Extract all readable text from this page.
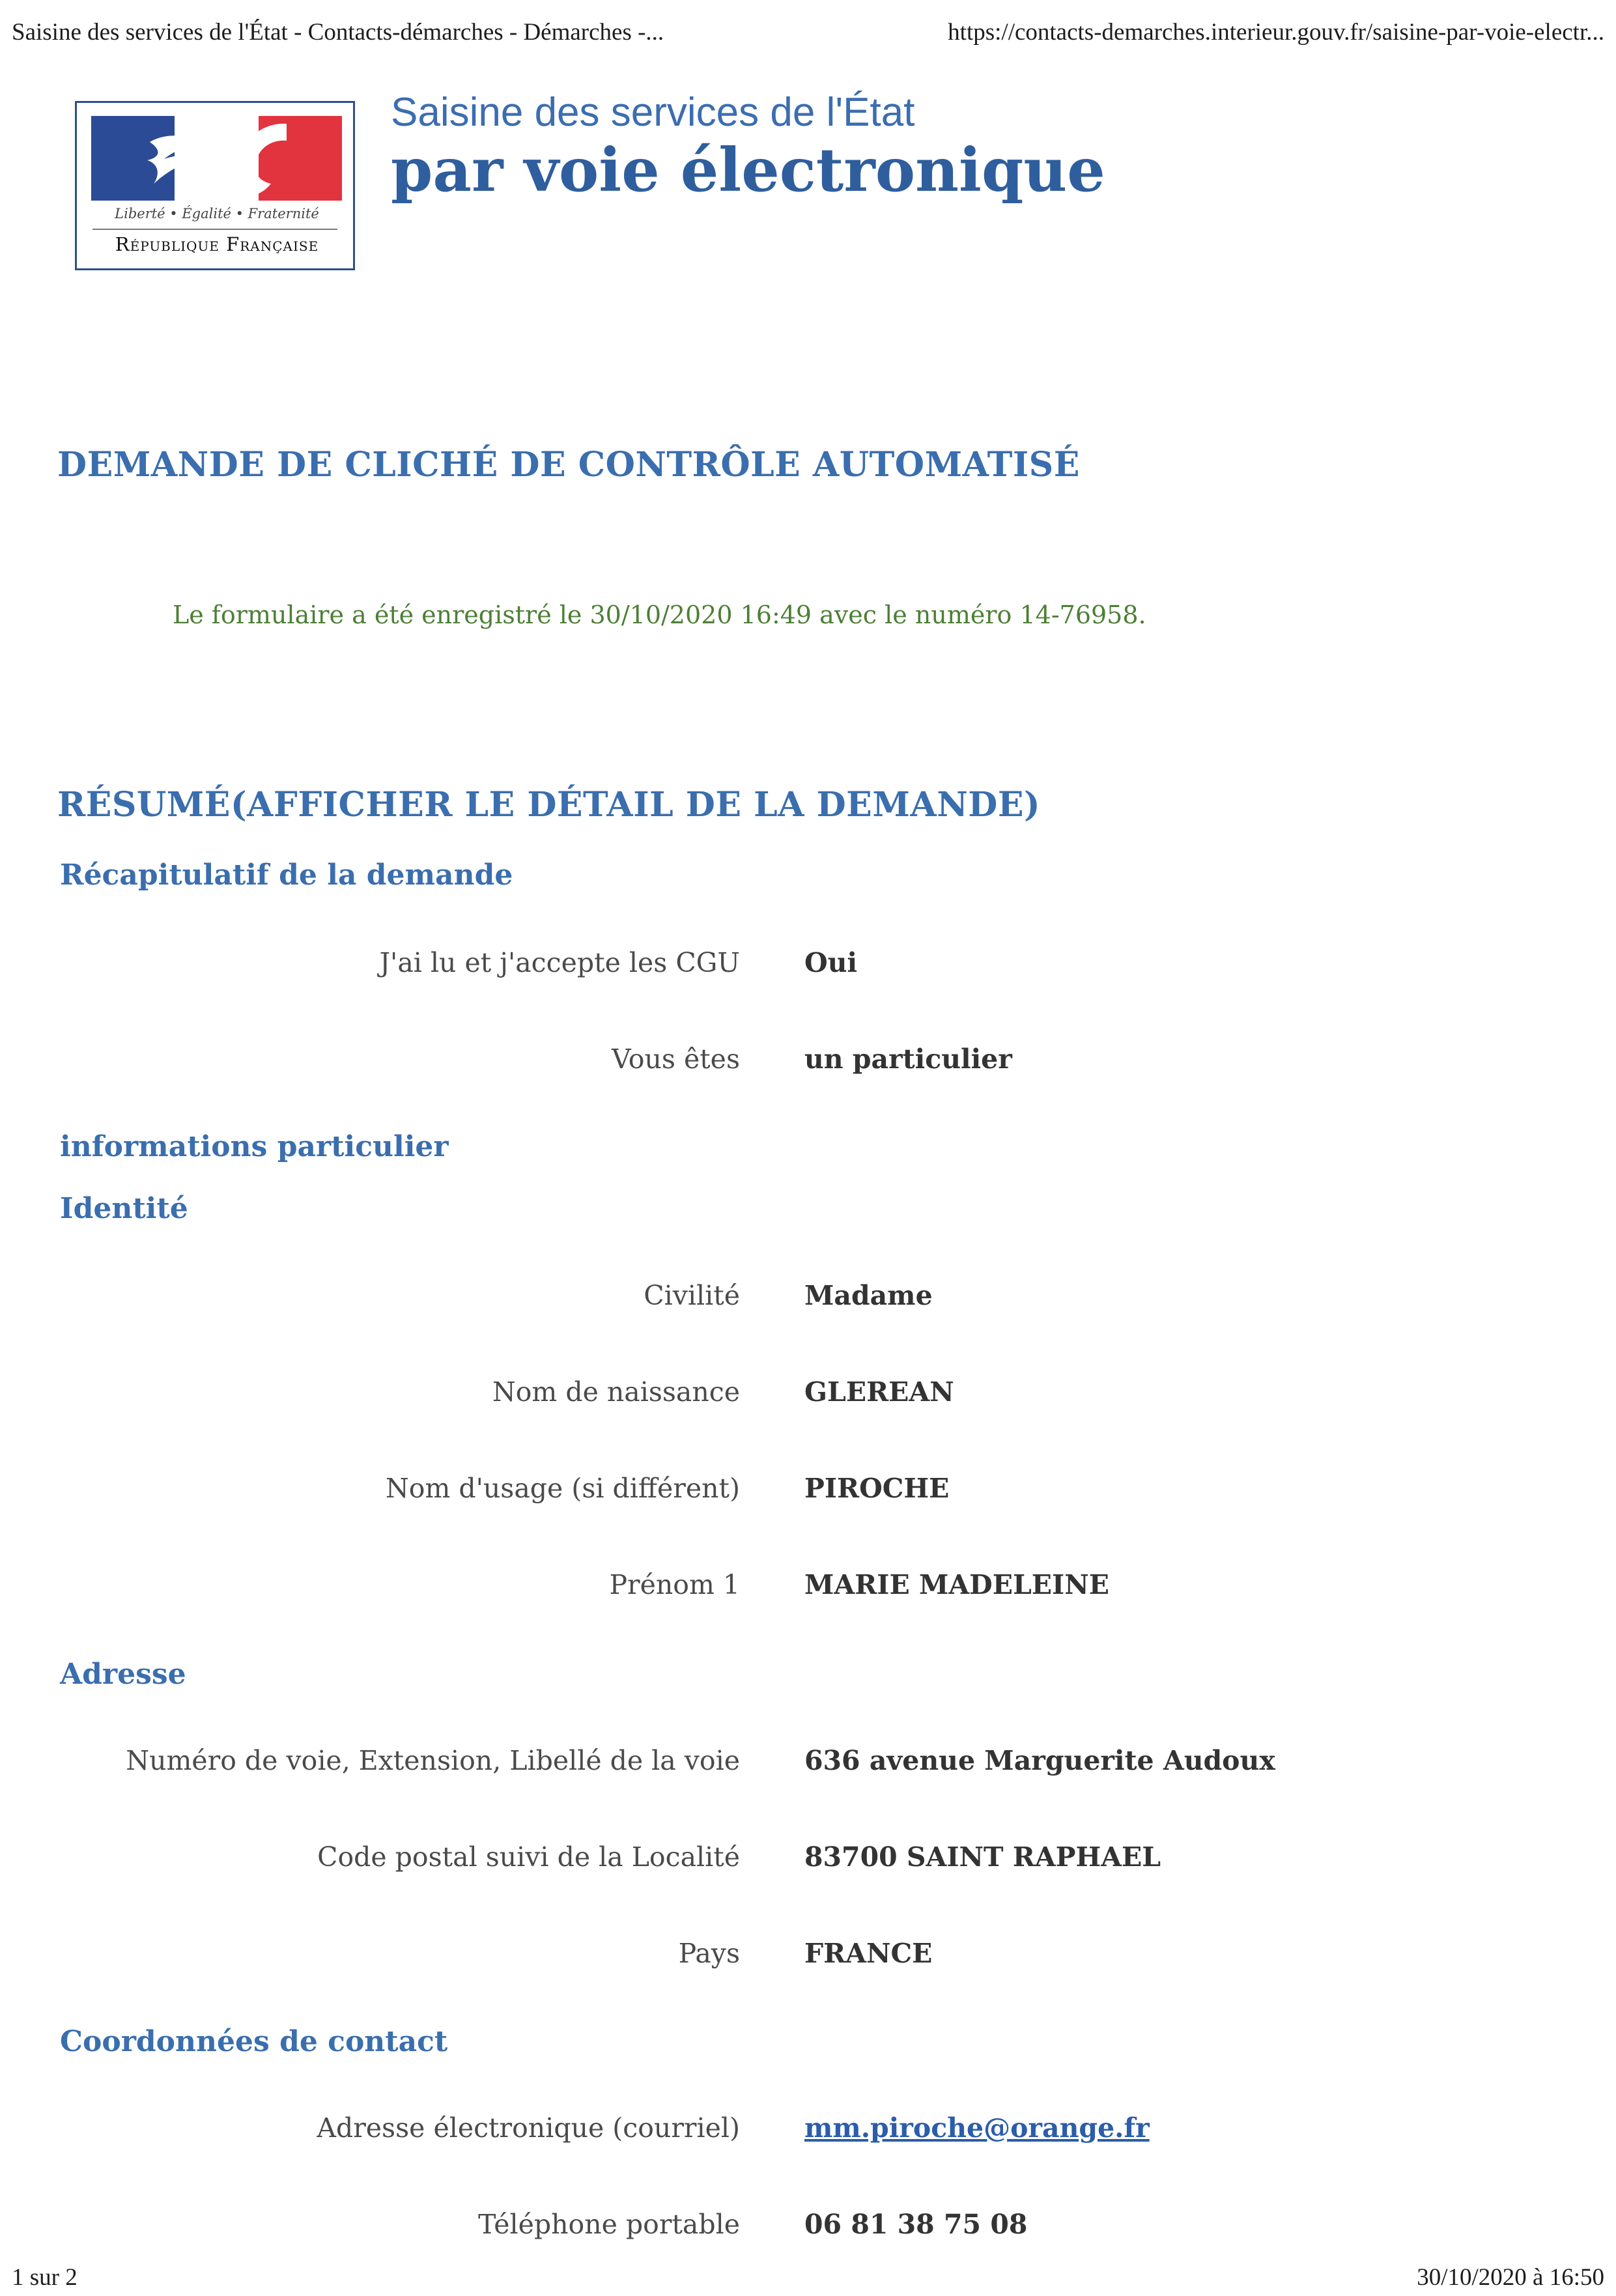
Saisine des services de l'État - Contacts-démarches - Démarches -...	https://contacts-demarches.interieur.gouv.fr/saisine-par-voie-electr...
Liberté • Égalité • Fraternité
République Française
Saisine des services de l'État
par voie électronique
DEMANDE DE CLICHÉ DE CONTRÔLE AUTOMATISÉ
Le formulaire a été enregistré le 30/10/2020 16:49 avec le numéro 14-76958.
RÉSUMÉ(AFFICHER LE DÉTAIL DE LA DEMANDE)
Récapitulatif de la demande
J'ai lu et j'accepte les CGU Oui
Vous êtes un particulier
informations particulier
Identité
Civilité Madame
Nom de naissance GLEREAN
Nom d'usage (si différent) PIROCHE
Prénom 1 MARIE MADELEINE
Adresse
Numéro de voie, Extension, Libellé de la voie 636 avenue Marguerite Audoux
Code postal suivi de la Localité 83700 SAINT RAPHAEL
Pays FRANCE
Coordonnées de contact
Adresse électronique (courriel) mm.piroche@orange.fr
Téléphone portable 06 81 38 75 08
1 sur 2	30/10/2020 à 16:50
